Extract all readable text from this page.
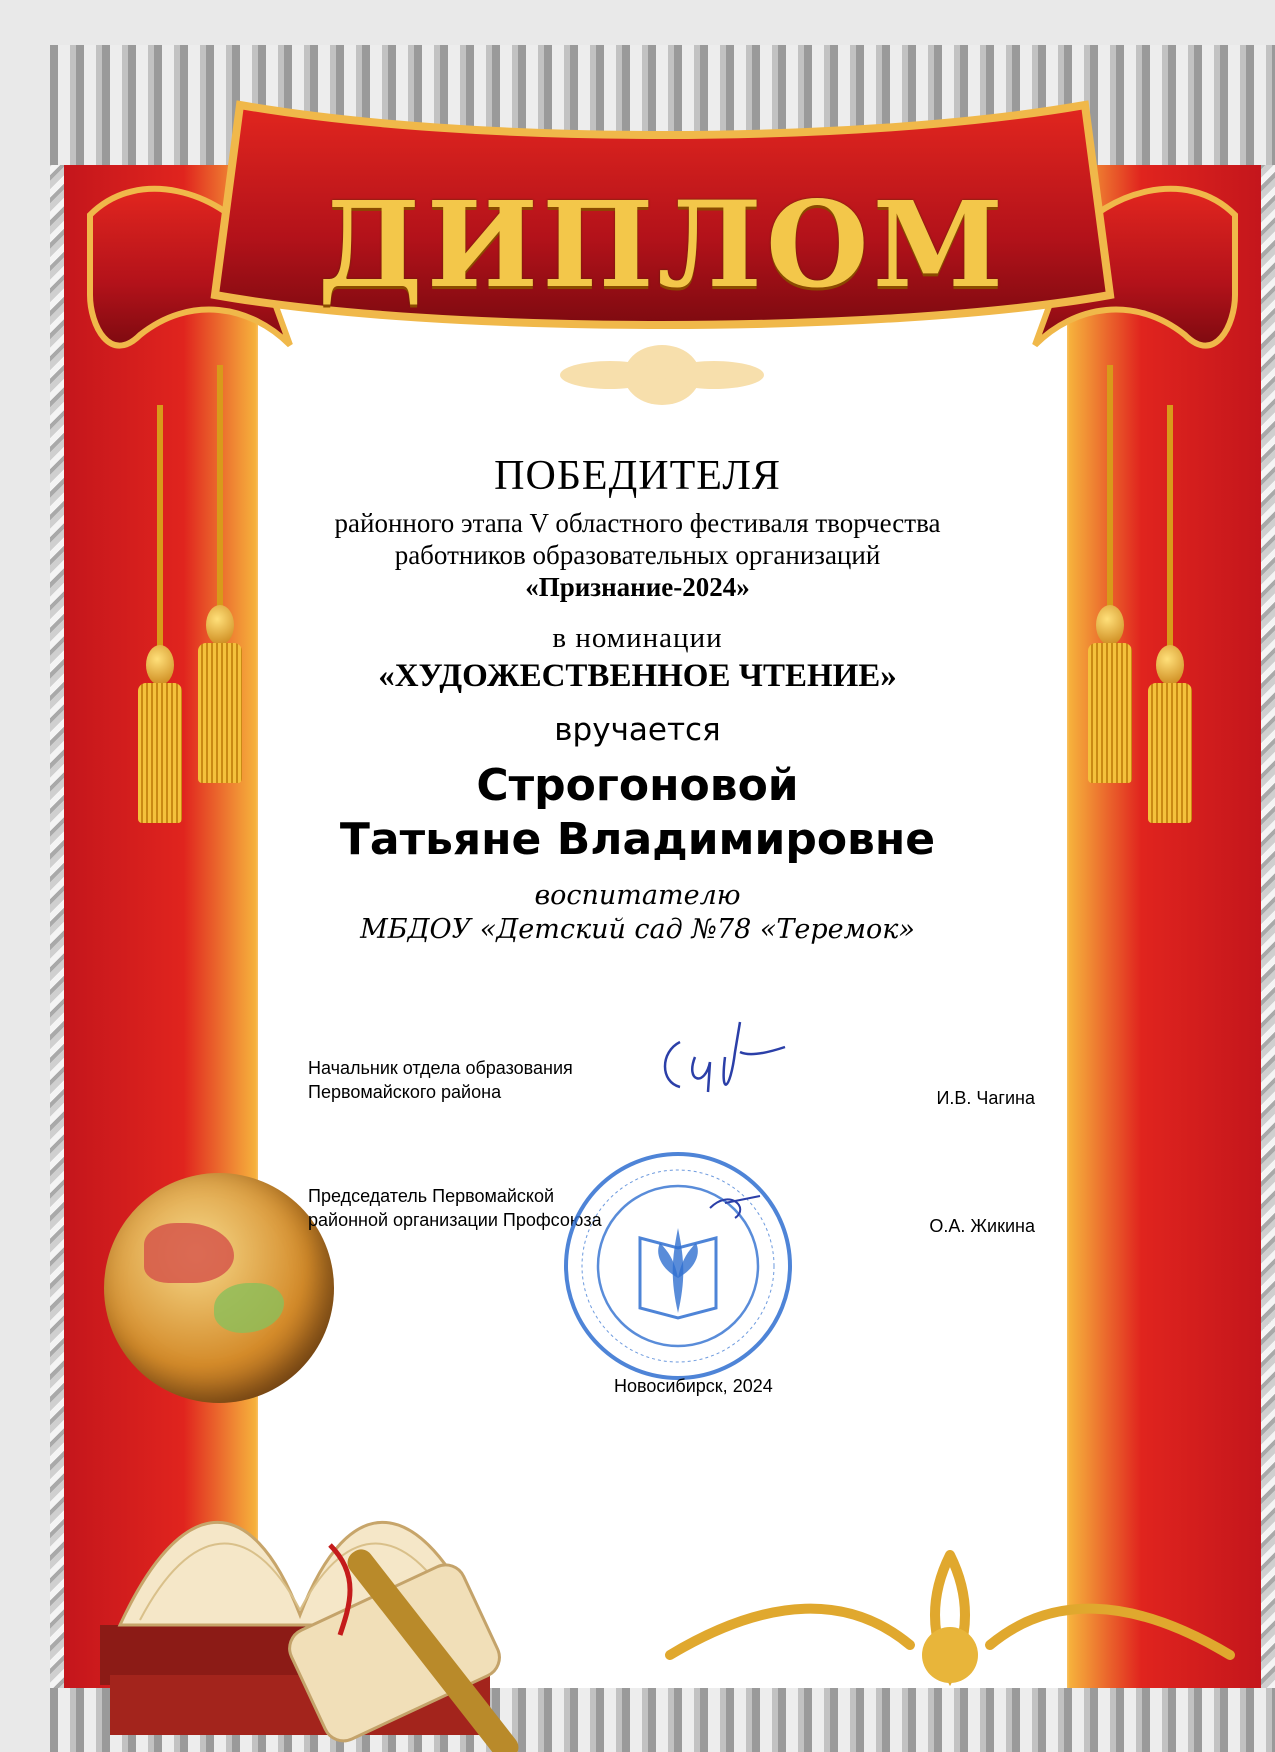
ДИПЛОМ
ПОБЕДИТЕЛЯ
районного этапа V областного фестиваля творчества
работников образовательных организаций
«Признание-2024»
в номинации
«ХУДОЖЕСТВЕННОЕ ЧТЕНИЕ»
вручается
Строгоновой
Татьяне Владимировне
воспитателю
МБДОУ «Детский сад №78 «Теремок»
Начальник отдела образования
Первомайского района	И.В. Чагина
Председатель Первомайской
районной организации Профсоюза	О.А. Жикина
Новосибирск, 2024
